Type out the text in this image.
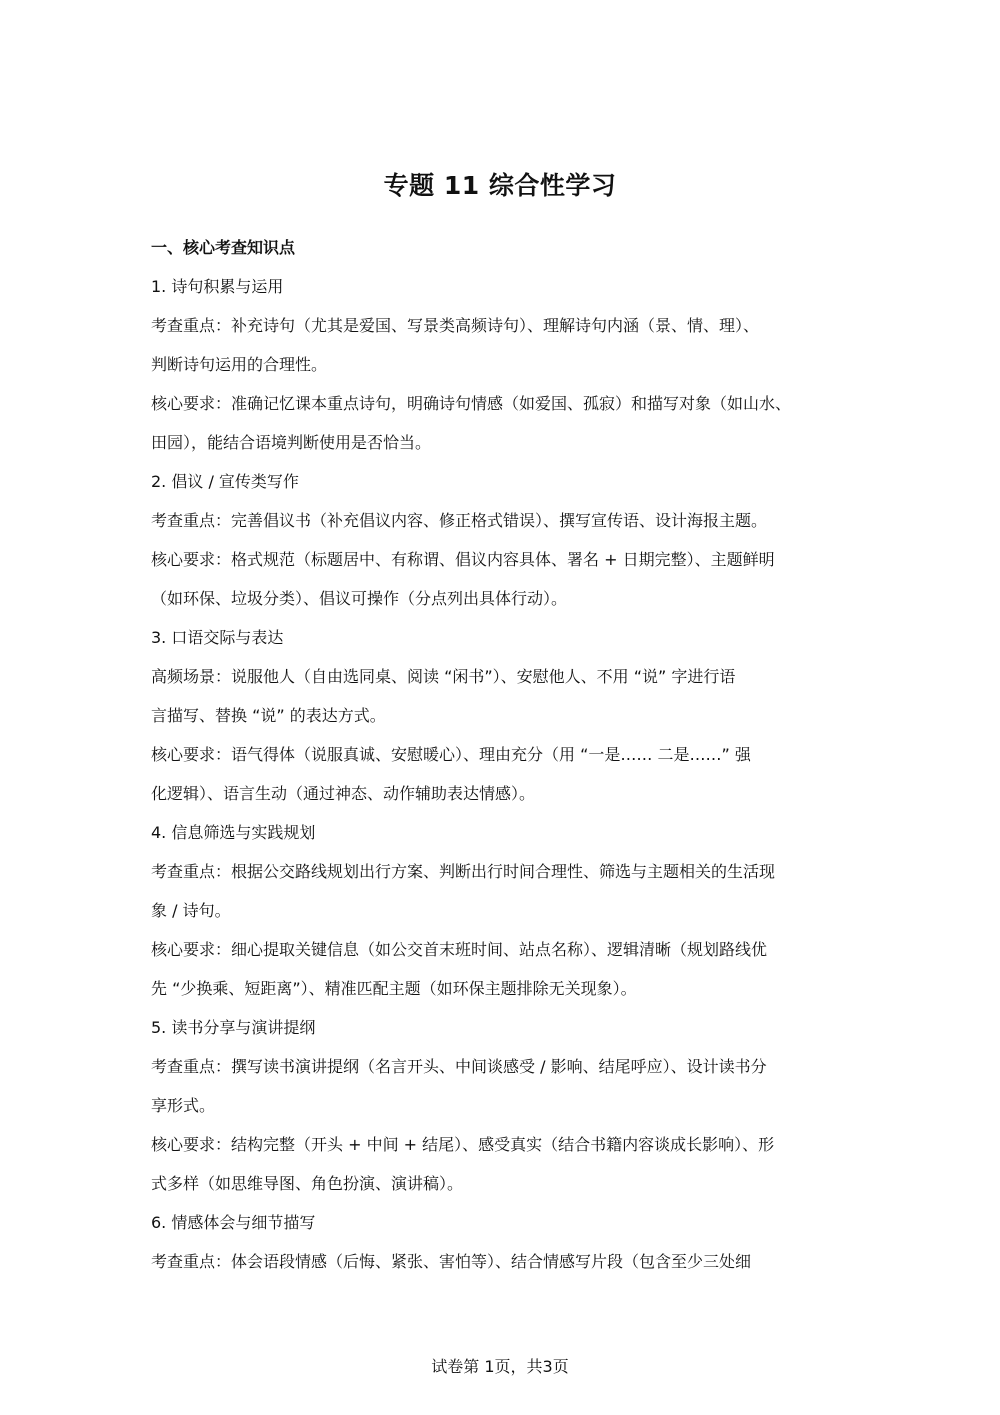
专题 11 综合性学习
一、核心考查知识点
1. 诗句积累与运用
考查重点：补充诗句（尤其是爱国、写景类高频诗句）、理解诗句内涵（景、情、理）、
判断诗句运用的合理性。
核心要求：准确记忆课本重点诗句，明确诗句情感（如爱国、孤寂）和描写对象（如山水、
田园），能结合语境判断使用是否恰当。
2. 倡议 / 宣传类写作
考查重点：完善倡议书（补充倡议内容、修正格式错误）、撰写宣传语、设计海报主题。
核心要求：格式规范（标题居中、有称谓、倡议内容具体、署名 + 日期完整）、主题鲜明
（如环保、垃圾分类）、倡议可操作（分点列出具体行动）。
3. 口语交际与表达
高频场景：说服他人（自由选同桌、阅读 “闲书”）、安慰他人、不用 “说” 字进行语
言描写、替换 “说” 的表达方式。
核心要求：语气得体（说服真诚、安慰暖心）、理由充分（用 “一是…… 二是……” 强
化逻辑）、语言生动（通过神态、动作辅助表达情感）。
4. 信息筛选与实践规划
考查重点：根据公交路线规划出行方案、判断出行时间合理性、筛选与主题相关的生活现
象 / 诗句。
核心要求：细心提取关键信息（如公交首末班时间、站点名称）、逻辑清晰（规划路线优
先 “少换乘、短距离”）、精准匹配主题（如环保主题排除无关现象）。
5. 读书分享与演讲提纲
考查重点：撰写读书演讲提纲（名言开头、中间谈感受 / 影响、结尾呼应）、设计读书分
享形式。
核心要求：结构完整（开头 + 中间 + 结尾）、感受真实（结合书籍内容谈成长影响）、形
式多样（如思维导图、角色扮演、演讲稿）。
6. 情感体会与细节描写
考查重点：体会语段情感（后悔、紧张、害怕等）、结合情感写片段（包含至少三处细
试卷第 1页，共3页
